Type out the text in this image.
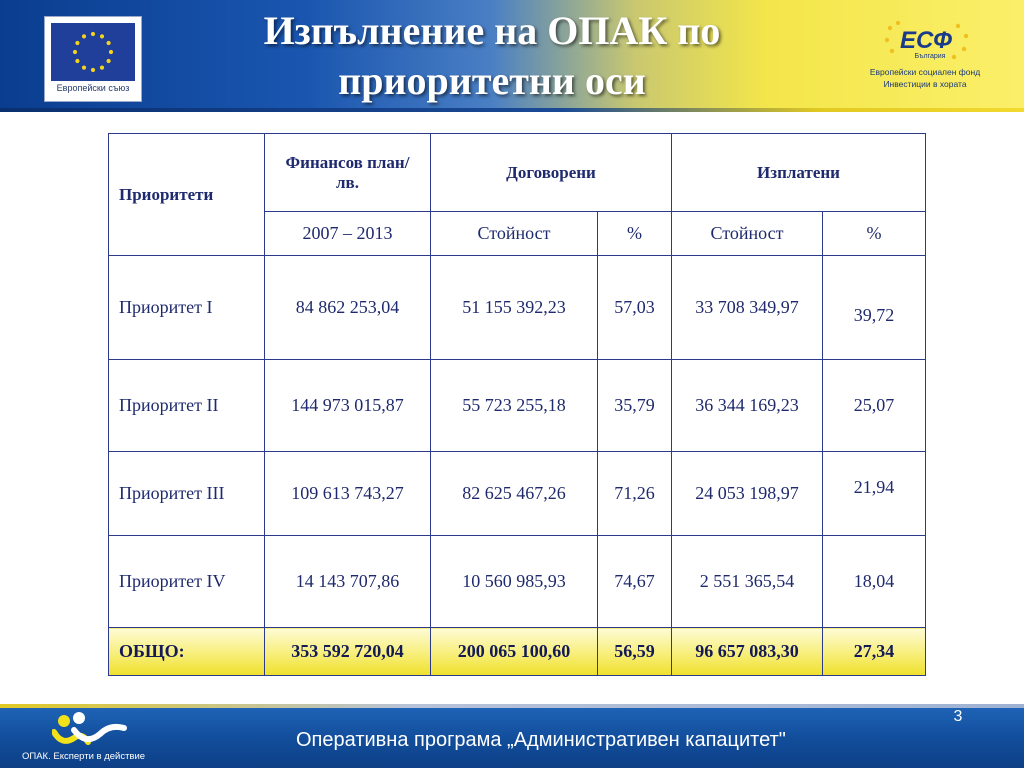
Европейски съюз
Изпълнение на ОПАК по
приоритетни оси
ЕСФ
България
Европейски социален фонд
Инвестиции в хората
Приоритети	Финансов план/лв.	Договорени		Изплатени	
	2007 – 2013	Стойност	%	Стойност	%
Приоритет I	84 862 253,04	51 155 392,23	57,03	33 708 349,97	39,72
Приоритет II	144 973 015,87	55 723 255,18	35,79	36 344 169,23	25,07
Приоритет III	109 613 743,27	82 625 467,26	71,26	24 053 198,97	21,94
Приоритет IV	14 143 707,86	10 560 985,93	74,67	2 551 365,54	18,04
ОБЩО:	353 592 720,04	200 065 100,60	56,59	96 657 083,30	27,34
3
ОПАК. Експерти в действие
Оперативна програма „Административен капацитет"
